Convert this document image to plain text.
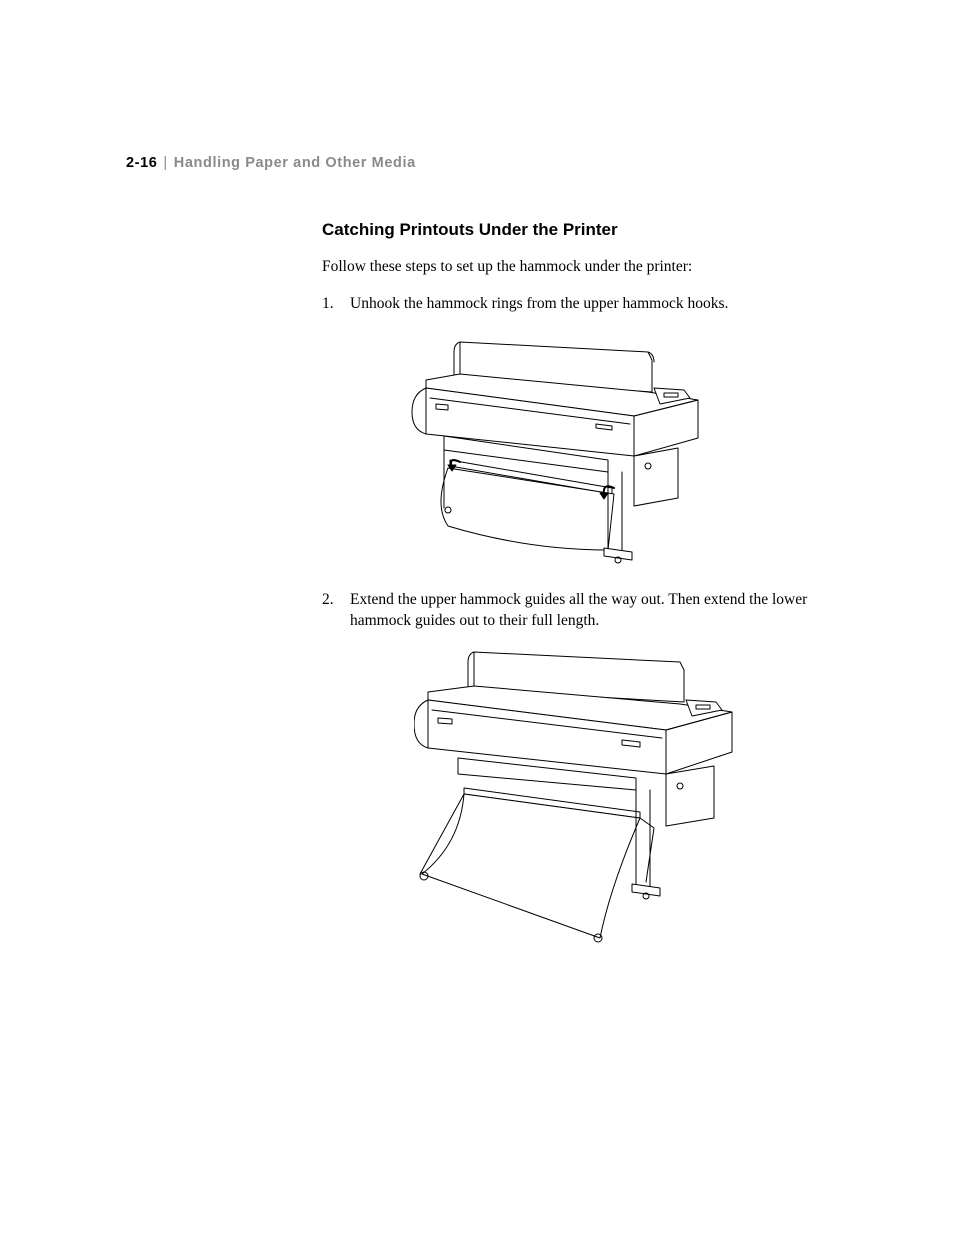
2-16 | Handling Paper and Other Media
Catching Printouts Under the Printer

Follow these steps to set up the hammock under the printer:

1. Unhook the hammock rings from the upper hammock hooks.
2. Extend the upper hammock guides all the way out. Then extend the lower hammock guides out to their full length.
